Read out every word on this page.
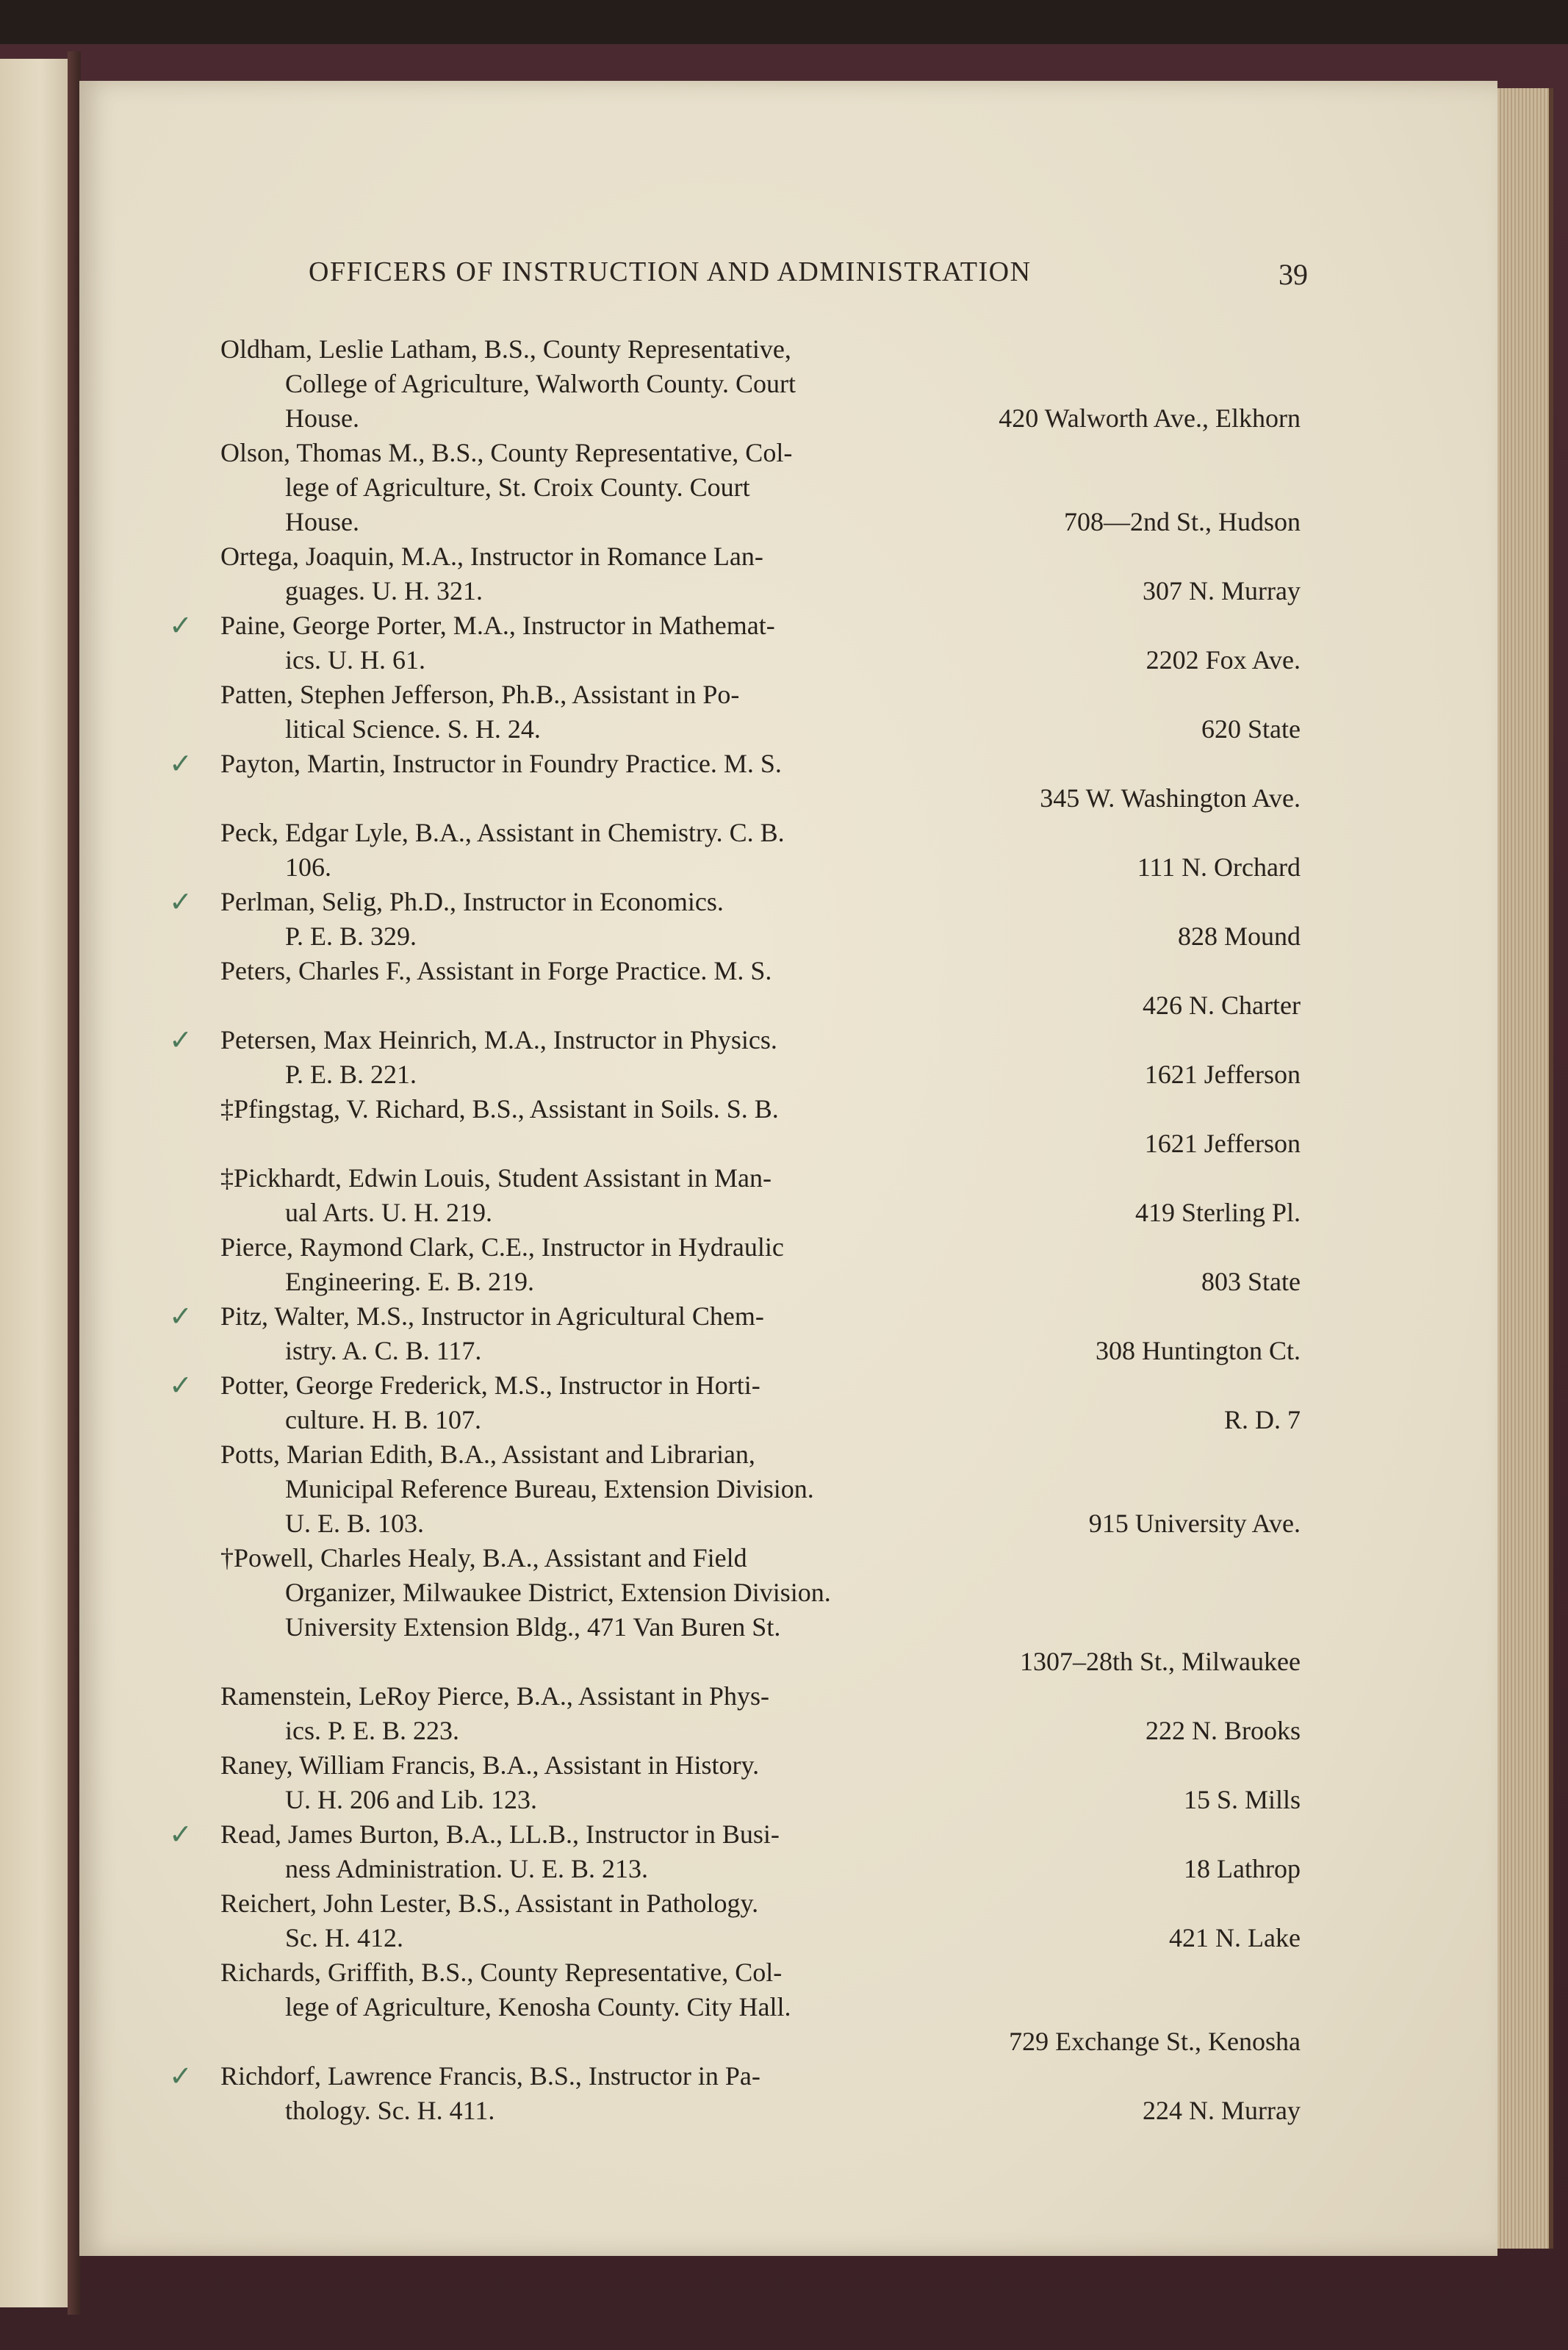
OFFICERS OF INSTRUCTION AND ADMINISTRATION	39
Oldham, Leslie Latham, B.S., County Representative,
College of Agriculture, Walworth County. Court
House.	420 Walworth Ave., Elkhorn
Olson, Thomas M., B.S., County Representative, Col-
lege of Agriculture, St. Croix County. Court
House.	708—2nd St., Hudson
Ortega, Joaquin, M.A., Instructor in Romance Lan-
guages. U. H. 321.	307 N. Murray
✓ Paine, George Porter, M.A., Instructor in Mathemat-
ics. U. H. 61.	2202 Fox Ave.
Patten, Stephen Jefferson, Ph.B., Assistant in Po-
litical Science. S. H. 24.	620 State
✓ Payton, Martin, Instructor in Foundry Practice. M. S.
345 W. Washington Ave.
Peck, Edgar Lyle, B.A., Assistant in Chemistry. C. B.
106.	111 N. Orchard
✓ Perlman, Selig, Ph.D., Instructor in Economics.
P. E. B. 329.	828 Mound
Peters, Charles F., Assistant in Forge Practice. M. S.
426 N. Charter
✓ Petersen, Max Heinrich, M.A., Instructor in Physics.
P. E. B. 221.	1621 Jefferson
‡Pfingstag, V. Richard, B.S., Assistant in Soils. S. B.
1621 Jefferson
‡Pickhardt, Edwin Louis, Student Assistant in Man-
ual Arts. U. H. 219.	419 Sterling Pl.
Pierce, Raymond Clark, C.E., Instructor in Hydraulic
Engineering. E. B. 219.	803 State
✓ Pitz, Walter, M.S., Instructor in Agricultural Chem-
istry. A. C. B. 117.	308 Huntington Ct.
✓ Potter, George Frederick, M.S., Instructor in Horti-
culture. H. B. 107.	R. D. 7
Potts, Marian Edith, B.A., Assistant and Librarian,
Municipal Reference Bureau, Extension Division.
U. E. B. 103.	915 University Ave.
†Powell, Charles Healy, B.A., Assistant and Field
Organizer, Milwaukee District, Extension Division.
University Extension Bldg., 471 Van Buren St.
1307–28th St., Milwaukee
Ramenstein, LeRoy Pierce, B.A., Assistant in Phys-
ics. P. E. B. 223.	222 N. Brooks
Raney, William Francis, B.A., Assistant in History.
U. H. 206 and Lib. 123.	15 S. Mills
✓ Read, James Burton, B.A., LL.B., Instructor in Busi-
ness Administration. U. E. B. 213.	18 Lathrop
Reichert, John Lester, B.S., Assistant in Pathology.
Sc. H. 412.	421 N. Lake
Richards, Griffith, B.S., County Representative, Col-
lege of Agriculture, Kenosha County. City Hall.
729 Exchange St., Kenosha
✓ Richdorf, Lawrence Francis, B.S., Instructor in Pa-
thology. Sc. H. 411.	224 N. Murray
